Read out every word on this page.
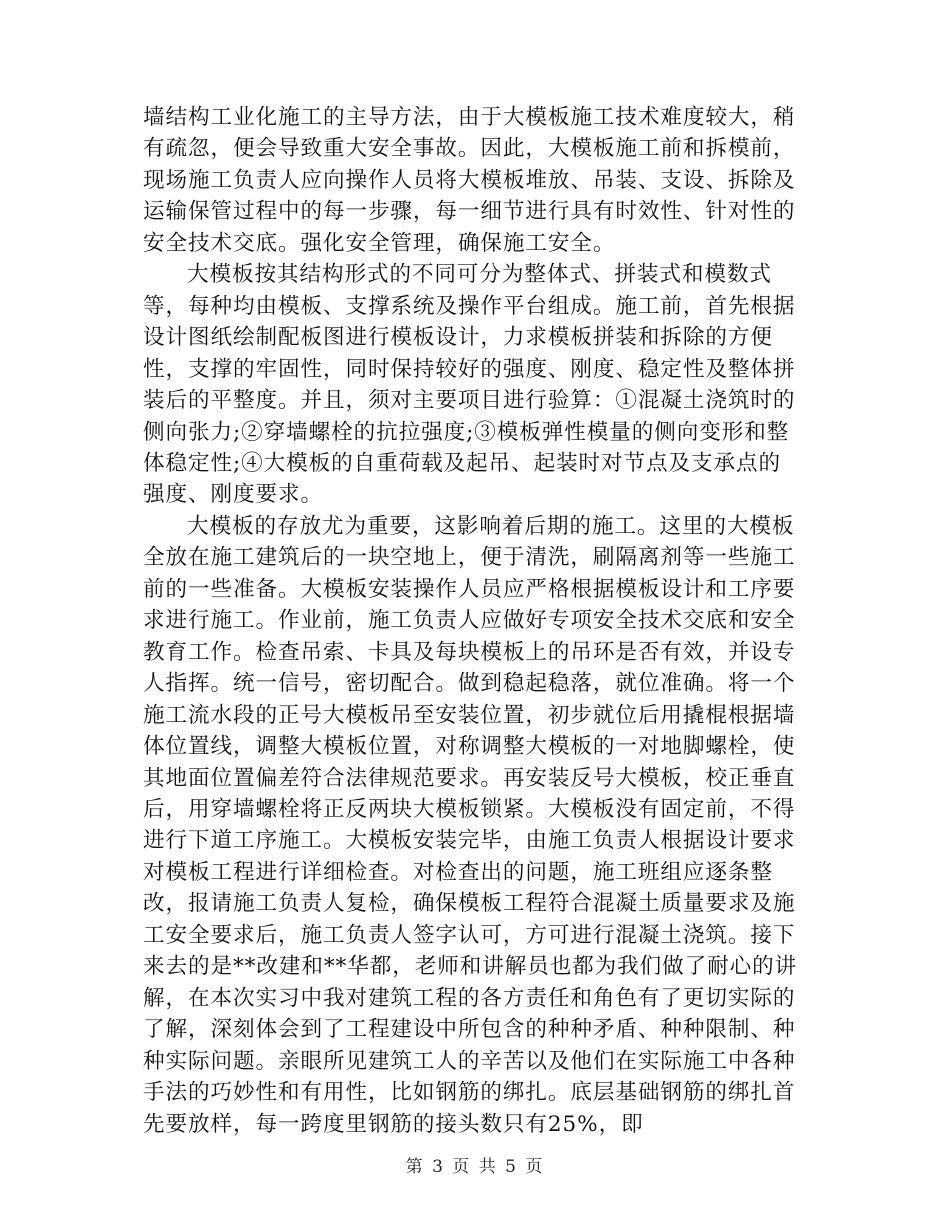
墙结构工业化施工的主导方法，由于大模板施工技术难度较大，稍有疏忽，便会导致重大安全事故。因此，大模板施工前和拆模前，现场施工负责人应向操作人员将大模板堆放、吊装、支设、拆除及运输保管过程中的每一步骤，每一细节进行具有时效性、针对性的安全技术交底。强化安全管理，确保施工安全。

大模板按其结构形式的不同可分为整体式、拼装式和模数式等，每种均由模板、支撑系统及操作平台组成。施工前，首先根据设计图纸绘制配板图进行模板设计，力求模板拼装和拆除的方便性，支撑的牢固性，同时保持较好的强度、刚度、稳定性及整体拼装后的平整度。并且，须对主要项目进行验算：①混凝土浇筑时的侧向张力;②穿墙螺栓的抗拉强度;③模板弹性模量的侧向变形和整体稳定性;④大模板的自重荷载及起吊、起装时对节点及支承点的强度、刚度要求。

大模板的存放尤为重要，这影响着后期的施工。这里的大模板全放在施工建筑后的一块空地上，便于清洗，刷隔离剂等一些施工前的一些准备。大模板安装操作人员应严格根据模板设计和工序要求进行施工。作业前，施工负责人应做好专项安全技术交底和安全教育工作。检查吊索、卡具及每块模板上的吊环是否有效，并设专人指挥。统一信号，密切配合。做到稳起稳落，就位准确。将一个施工流水段的正号大模板吊至安装位置，初步就位后用撬棍根据墙体位置线，调整大模板位置，对称调整大模板的一对地脚螺栓，使其地面位置偏差符合法律规范要求。再安装反号大模板，校正垂直后，用穿墙螺栓将正反两块大模板锁紧。大模板没有固定前，不得进行下道工序施工。大模板安装完毕，由施工负责人根据设计要求对模板工程进行详细检查。对检查出的问题，施工班组应逐条整改，报请施工负责人复检，确保模板工程符合混凝土质量要求及施工安全要求后，施工负责人签字认可，方可进行混凝土浇筑。接下来去的是**改建和**华都，老师和讲解员也都为我们做了耐心的讲解，在本次实习中我对建筑工程的各方责任和角色有了更切实际的了解，深刻体会到了工程建设中所包含的种种矛盾、种种限制、种种实际问题。亲眼所见建筑工人的辛苦以及他们在实际施工中各种手法的巧妙性和有用性，比如钢筋的绑扎。底层基础钢筋的绑扎首先要放样，每一跨度里钢筋的接头数只有25%，即

第 3 页 共 5 页
